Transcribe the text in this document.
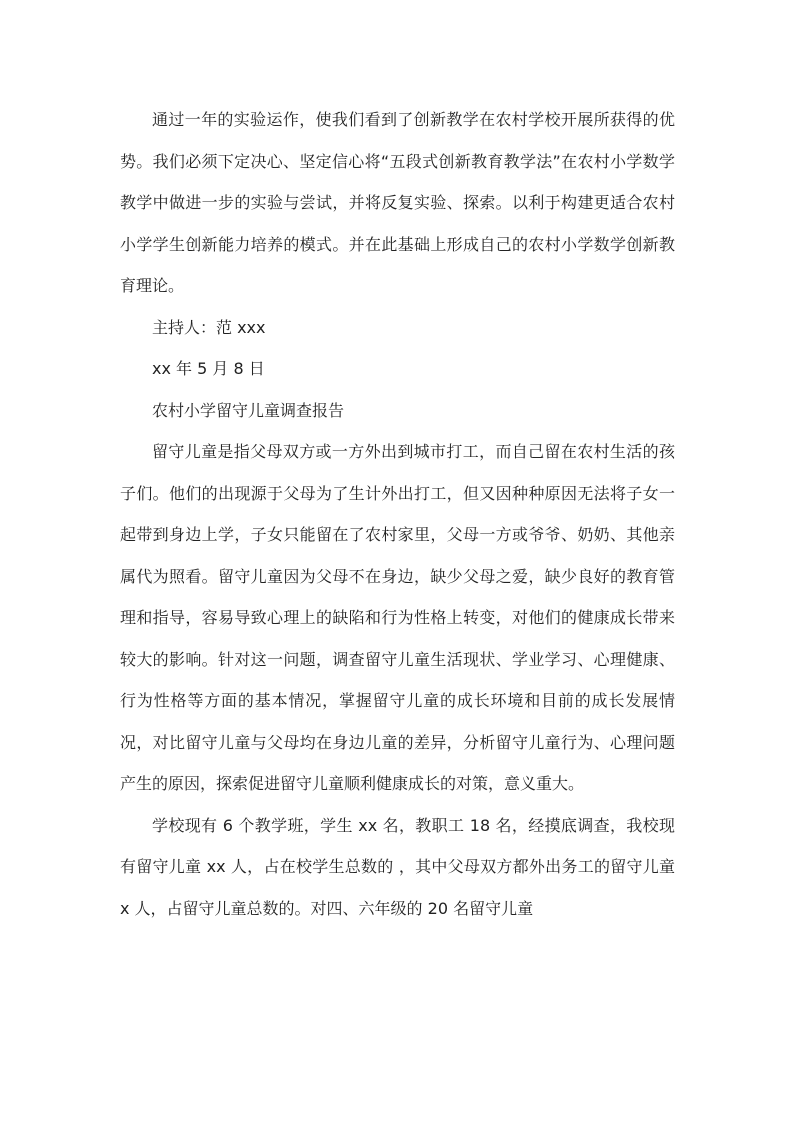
通过一年的实验运作，使我们看到了创新教学在农村学校开展所获得的优势。我们必须下定决心、坚定信心将“五段式创新教育教学法”在农村小学数学教学中做进一步的实验与尝试，并将反复实验、探索。以利于构建更适合农村小学学生创新能力培养的模式。并在此基础上形成自己的农村小学数学创新教育理论。

主持人：范 xxx

xx 年 5 月 8 日

农村小学留守儿童调查报告

留守儿童是指父母双方或一方外出到城市打工，而自己留在农村生活的孩子们。他们的出现源于父母为了生计外出打工，但又因种种原因无法将子女一起带到身边上学，子女只能留在了农村家里，父母一方或爷爷、奶奶、其他亲属代为照看。留守儿童因为父母不在身边，缺少父母之爱，缺少良好的教育管理和指导，容易导致心理上的缺陷和行为性格上转变，对他们的健康成长带来较大的影响。针对这一问题，调查留守儿童生活现状、学业学习、心理健康、行为性格等方面的基本情况，掌握留守儿童的成长环境和目前的成长发展情况，对比留守儿童与父母均在身边儿童的差异，分析留守儿童行为、心理问题产生的原因，探索促进留守儿童顺利健康成长的对策，意义重大。

学校现有 6 个教学班，学生 xx 名，教职工 18 名，经摸底调查，我校现有留守儿童 xx 人，占在校学生总数的 ，其中父母双方都外出务工的留守儿童 x 人，占留守儿童总数的。对四、六年级的 20 名留守儿童
